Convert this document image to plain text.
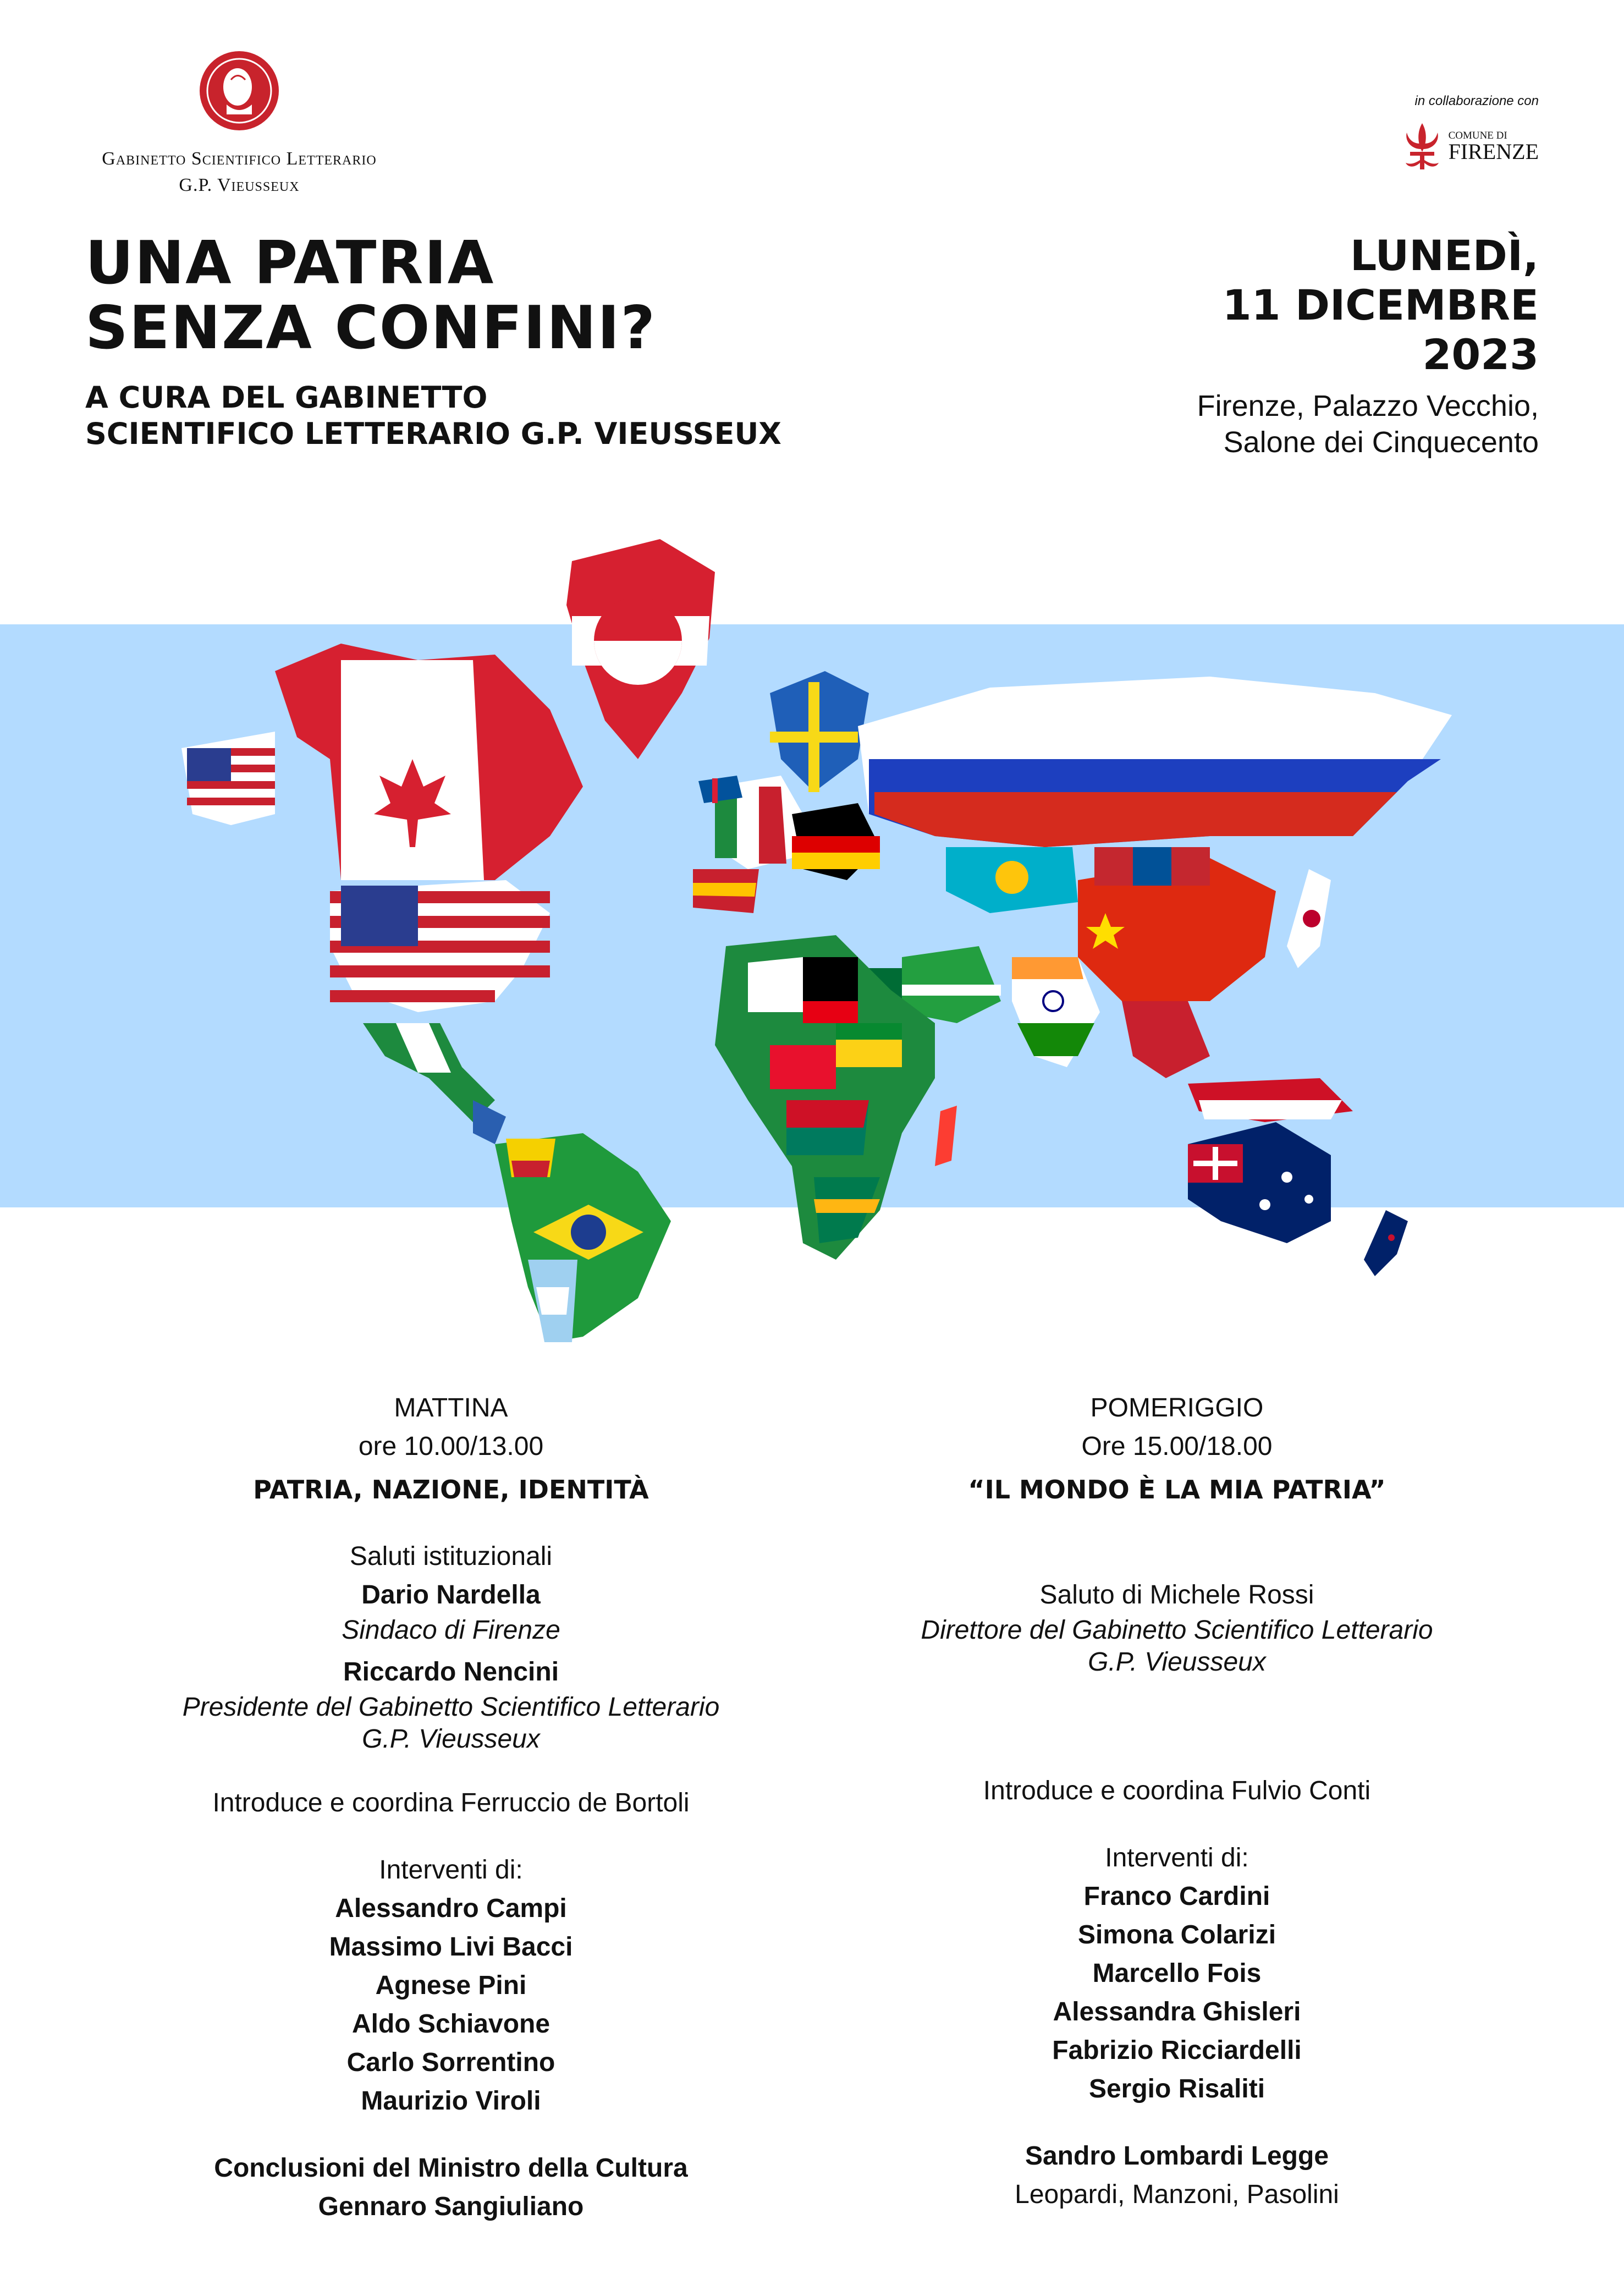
Gabinetto Scientifico Letterario
G.P. Vieusseux
in collaborazione con
COMUNE DI
FIRENZE
UNA PATRIA
SENZA CONFINI?
A CURA DEL GABINETTO
SCIENTIFICO LETTERARIO G.P. VIEUSSEUX
LUNEDÌ,
11 DICEMBRE
2023
Firenze, Palazzo Vecchio,
Salone dei Cinquecento
MATTINA
ore 10.00/13.00
PATRIA, NAZIONE, IDENTITÀ
Saluti istituzionali
Dario Nardella
Sindaco di Firenze
Riccardo Nencini
Presidente del Gabinetto Scientifico Letterario
G.P. Vieusseux
Introduce e coordina Ferruccio de Bortoli
Interventi di:
Alessandro Campi
Massimo Livi Bacci
Agnese Pini
Aldo Schiavone
Carlo Sorrentino
Maurizio Viroli
Conclusioni del Ministro della Cultura
Gennaro Sangiuliano
POMERIGGIO
Ore 15.00/18.00
“IL MONDO È LA MIA PATRIA”
Saluto di Michele Rossi
Direttore del Gabinetto Scientifico Letterario
G.P. Vieusseux
Introduce e coordina Fulvio Conti
Interventi di:
Franco Cardini
Simona Colarizi
Marcello Fois
Alessandra Ghisleri
Fabrizio Ricciardelli
Sergio Risaliti
Sandro Lombardi Legge
Leopardi, Manzoni, Pasolini
